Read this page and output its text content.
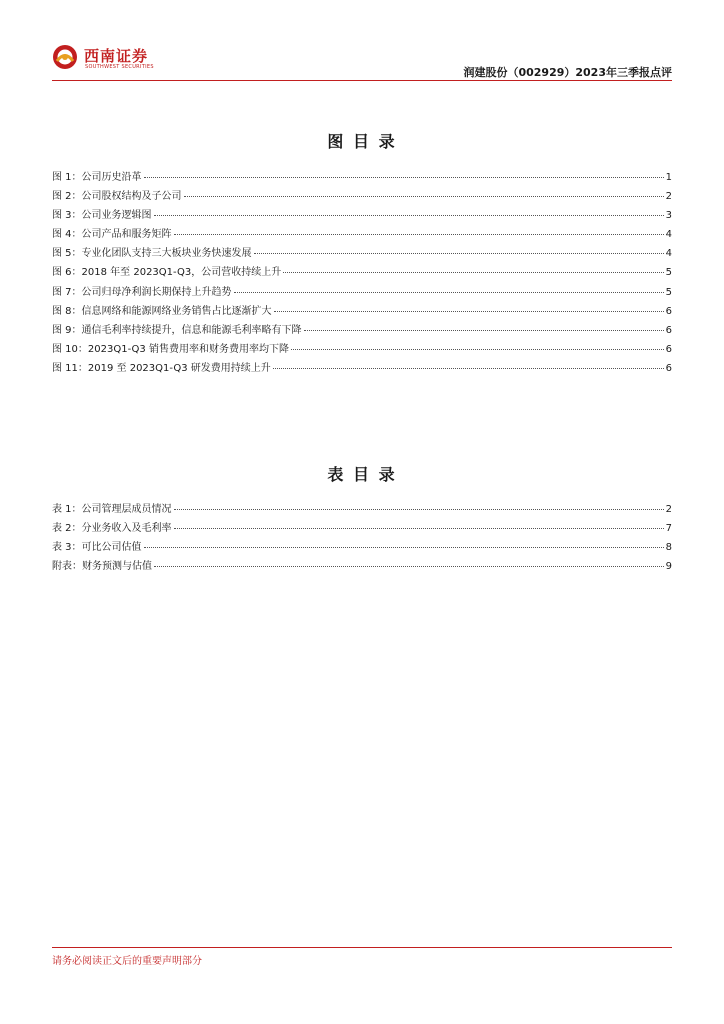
西南证券
SOUTHWEST SECURITIES	润建股份（002929）2023年三季报点评
图 目 录
图 1：公司历史沿革	1
图 2：公司股权结构及子公司	2
图 3：公司业务逻辑图	3
图 4：公司产品和服务矩阵	4
图 5：专业化团队支持三大板块业务快速发展	4
图 6：2018 年至 2023Q1-Q3，公司营收持续上升	5
图 7：公司归母净利润长期保持上升趋势	5
图 8：信息网络和能源网络业务销售占比逐渐扩大	6
图 9：通信毛利率持续提升，信息和能源毛利率略有下降	6
图 10：2023Q1-Q3 销售费用率和财务费用率均下降	6
图 11：2019 至 2023Q1-Q3 研发费用持续上升	6
表 目 录
表 1：公司管理层成员情况	2
表 2：分业务收入及毛利率	7
表 3：可比公司估值	8
附表：财务预测与估值	9
请务必阅读正文后的重要声明部分
